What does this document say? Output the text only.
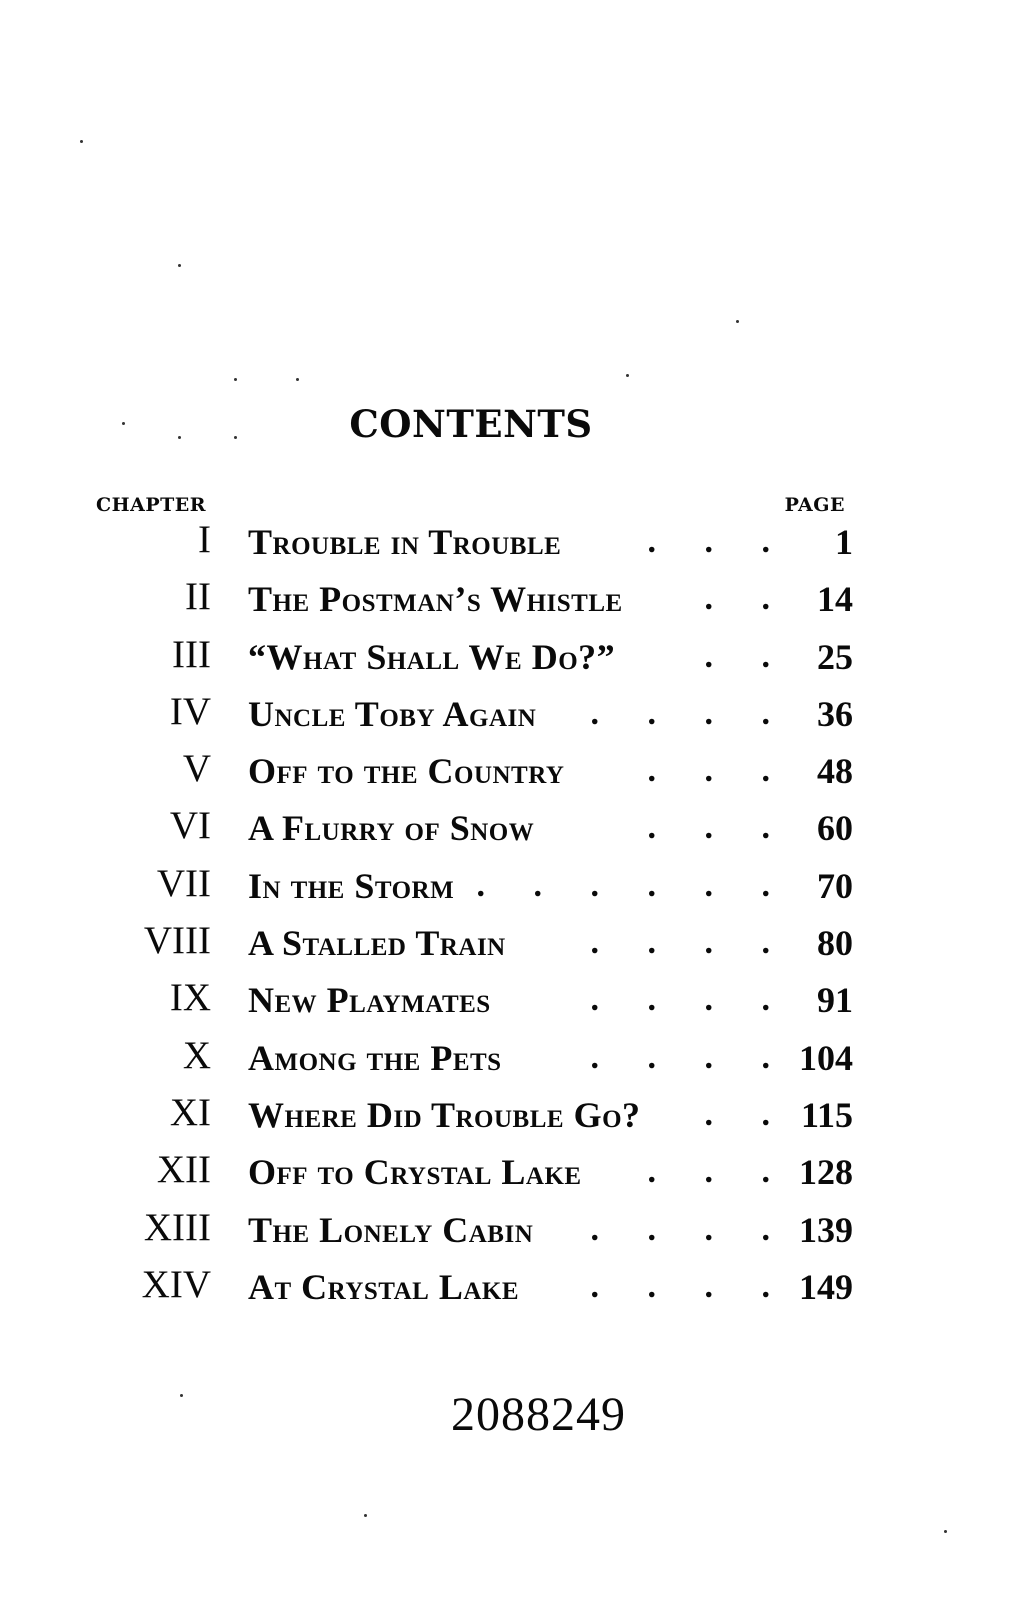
CONTENTS
CHAPTER	PAGE
I Trouble in Trouble	. . . 1
II The Postman’s Whistle	. . 14
III “What Shall We Do?”	. . 25
IV Uncle Toby Again	. . . . 36
V Off to the Country	. . . 48
VI A Flurry of Snow	. . . 60
VII In the Storm . . . . . . 70
VIII A Stalled Train	. . . . 80
IX New Playmates	. . . . 91
X Among the Pets	. . . . 104
XI Where Did Trouble Go?	. . 115
XII Off to Crystal Lake	. . . 128
XIII The Lonely Cabin	. . . . 139
XIV At Crystal Lake	. . . . 149
2088249
